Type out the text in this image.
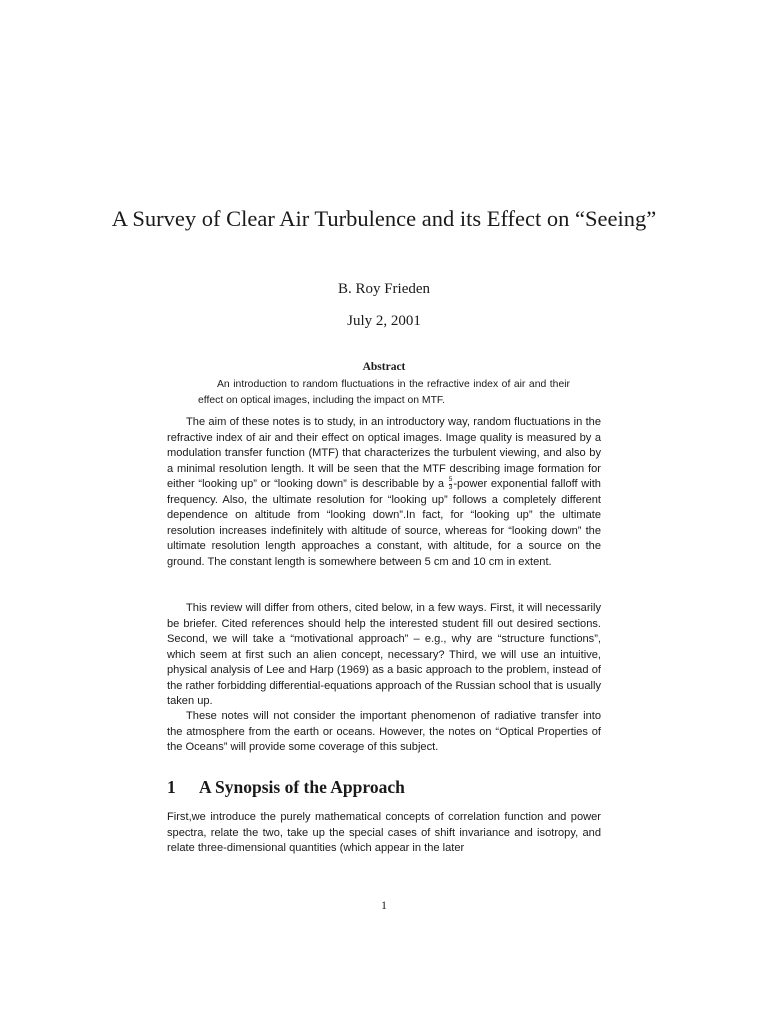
A Survey of Clear Air Turbulence and its Effect on “Seeing”
B. Roy Frieden
July 2, 2001
Abstract

An introduction to random fluctuations in the refractive index of air and their effect on optical images, including the impact on MTF.

The aim of these notes is to study, in an introductory way, random fluctuations in the refractive index of air and their effect on optical images. Image quality is measured by a modulation transfer function (MTF) that characterizes the turbulent viewing, and also by a minimal resolution length. It will be seen that the MTF describing image formation for either “looking up” or “looking down” is describable by a $\frac{5}{3}$ -power exponential falloff with frequency. Also, the ultimate resolution for “looking up” follows a completely different dependence on altitude from “looking down”.In fact, for “looking up” the ultimate resolution increases indefinitely with altitude of source, whereas for “looking down” the ultimate resolution length approaches a constant, with altitude, for a source on the ground. The constant length is somewhere between 5 cm and 10 cm in extent.

This review will differ from others, cited below, in a few ways. First, it will necessarily be briefer. Cited references should help the interested student fill out desired sections. Second, we will take a “motivational approach” – e.g., why are “structure functions”, which seem at first such an alien concept, necessary? Third, we will use an intuitive, physical analysis of Lee and Harp (1969) as a basic approach to the problem, instead of the rather forbidding differential-equations approach of the Russian school that is usually taken up.

These notes will not consider the important phenomenon of radiative transfer into the atmosphere from the earth or oceans. However, the notes on “Optical Properties of the Oceans” will provide some coverage of this subject.

1 A Synopsis of the Approach

First,we introduce the purely mathematical concepts of correlation function and power spectra, relate the two, take up the special cases of shift invariance and isotropy, and relate three-dimensional quantities (which appear in the later

1
